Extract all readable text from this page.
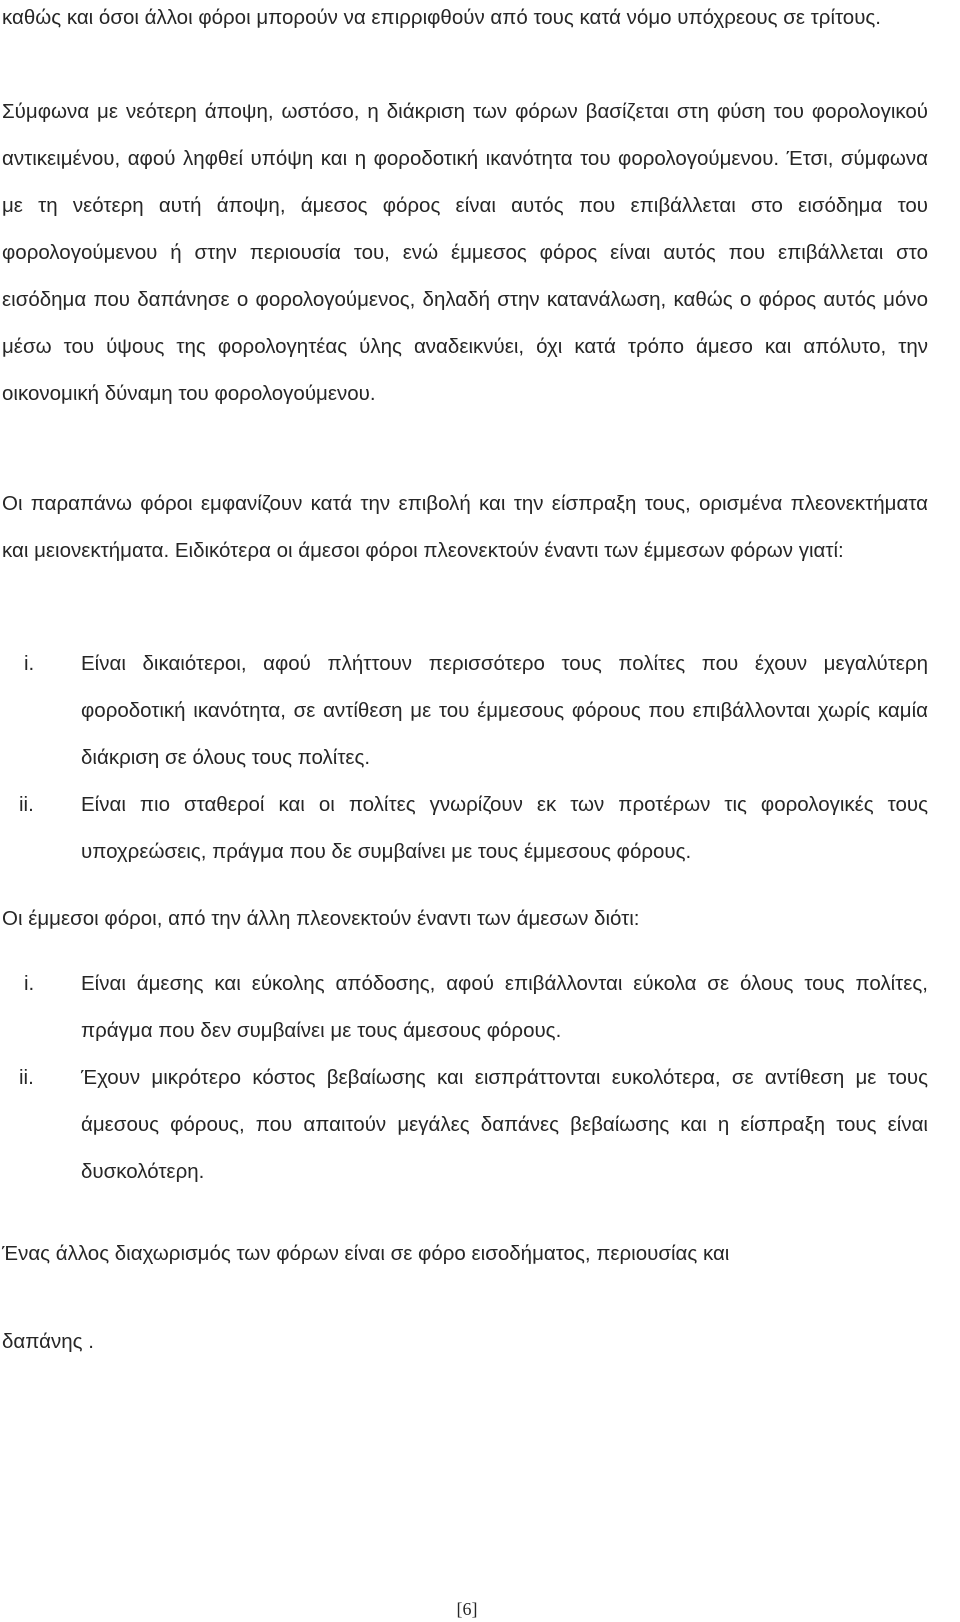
καθώς και όσοι άλλοι φόροι μπορούν να επιρριφθούν από τους κατά νόμο υπόχρεους σε τρίτους.

Σύμφωνα με νεότερη άποψη, ωστόσο, η διάκριση των φόρων βασίζεται στη φύση του φορολογικού αντικειμένου, αφού ληφθεί υπόψη και η φοροδοτική ικανότητα του φορολογούμενου. Έτσι, σύμφωνα με τη νεότερη αυτή άποψη, άμεσος φόρος είναι αυτός που επιβάλλεται στο εισόδημα του φορολογούμενου ή στην περιουσία του, ενώ έμμεσος φόρος είναι αυτός που επιβάλλεται στο εισόδημα που δαπάνησε ο φορολογούμενος, δηλαδή στην κατανάλωση, καθώς ο φόρος αυτός μόνο μέσω του ύψους της φορολογητέας ύλης αναδεικνύει, όχι κατά τρόπο άμεσο και απόλυτο, την οικονομική δύναμη του φορολογούμενου.

Οι παραπάνω φόροι εμφανίζουν κατά την επιβολή και την είσπραξη τους, ορισμένα πλεονεκτήματα και μειονεκτήματα. Ειδικότερα οι άμεσοι φόροι πλεονεκτούν έναντι των έμμεσων φόρων γιατί:

i. Είναι δικαιότεροι, αφού πλήττουν περισσότερο τους πολίτες που έχουν μεγαλύτερη φοροδοτική ικανότητα, σε αντίθεση με του έμμεσους φόρους που επιβάλλονται χωρίς καμία διάκριση σε όλους τους πολίτες.
ii. Είναι πιο σταθεροί και οι πολίτες γνωρίζουν εκ των προτέρων τις φορολογικές τους υποχρεώσεις, πράγμα που δε συμβαίνει με τους έμμεσους φόρους.

Οι έμμεσοι φόροι, από την άλλη πλεονεκτούν έναντι των άμεσων διότι:

i. Είναι άμεσης και εύκολης απόδοσης, αφού επιβάλλονται εύκολα σε όλους τους πολίτες, πράγμα που δεν συμβαίνει με τους άμεσους φόρους.
ii. Έχουν μικρότερο κόστος βεβαίωσης και εισπράττονται ευκολότερα, σε αντίθεση με τους άμεσους φόρους, που απαιτούν μεγάλες δαπάνες βεβαίωσης και η είσπραξη τους είναι δυσκολότερη.

Ένας άλλος διαχωρισμός των φόρων είναι σε φόρο εισοδήματος, περιουσίας και

δαπάνης .

[6]
